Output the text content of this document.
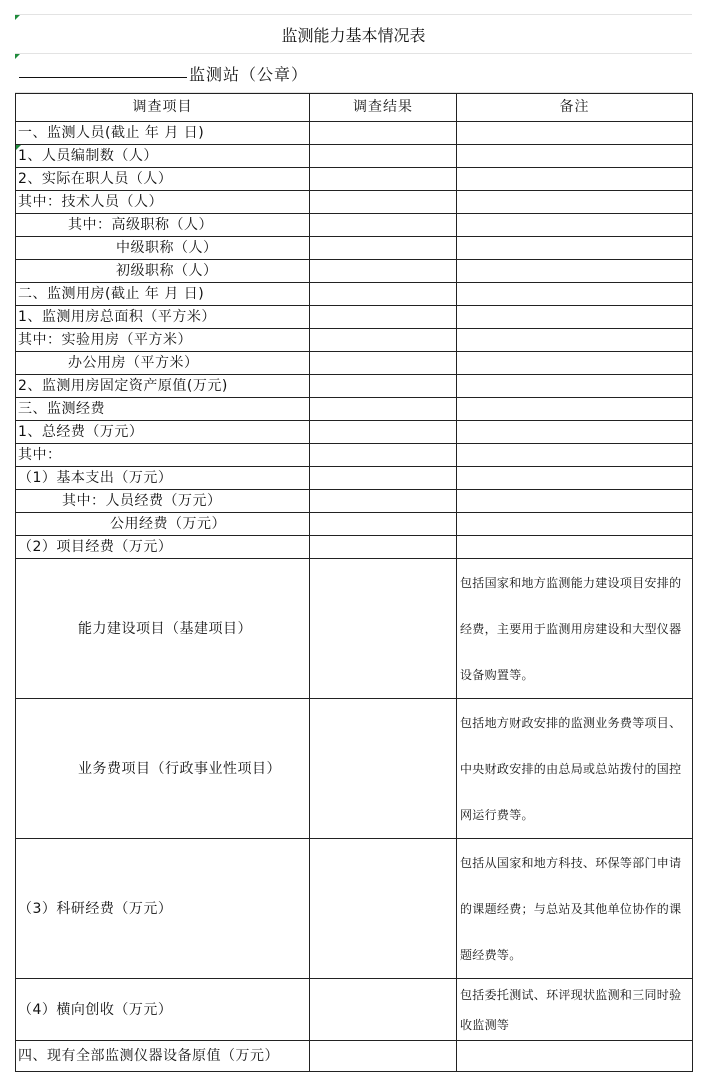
监测能力基本情况表
监测站（公章）
调查项目	调查结果	备注
一、监测人员(截止 年 月 日)		

1、人员编制数（人）		
2、实际在职人员（人）		
其中：技术人员（人）		
其中：高级职称（人）		
中级职称（人）		
初级职称（人）		
二、监测用房(截止 年 月 日)		
1、监测用房总面积（平方米）		
其中：实验用房（平方米）		
办公用房（平方米）		
2、监测用房固定资产原值(万元)		
三、监测经费		
1、总经费（万元）		
其中：		
（1）基本支出（万元）		
其中：人员经费（万元）		
公用经费（万元）		
（2）项目经费（万元）		
能力建设项目（基建项目）		包括国家和地方监测能力建设项目安排的经费，主要用于监测用房建设和大型仪器设备购置等。
业务费项目（行政事业性项目）		包括地方财政安排的监测业务费等项目、中央财政安排的由总局或总站拨付的国控网运行费等。
（3）科研经费（万元）		包括从国家和地方科技、环保等部门申请的课题经费；与总站及其他单位协作的课题经费等。
（4）横向创收（万元）		包括委托测试、环评现状监测和三同时验收监测等
四、现有全部监测仪器设备原值（万元）		
